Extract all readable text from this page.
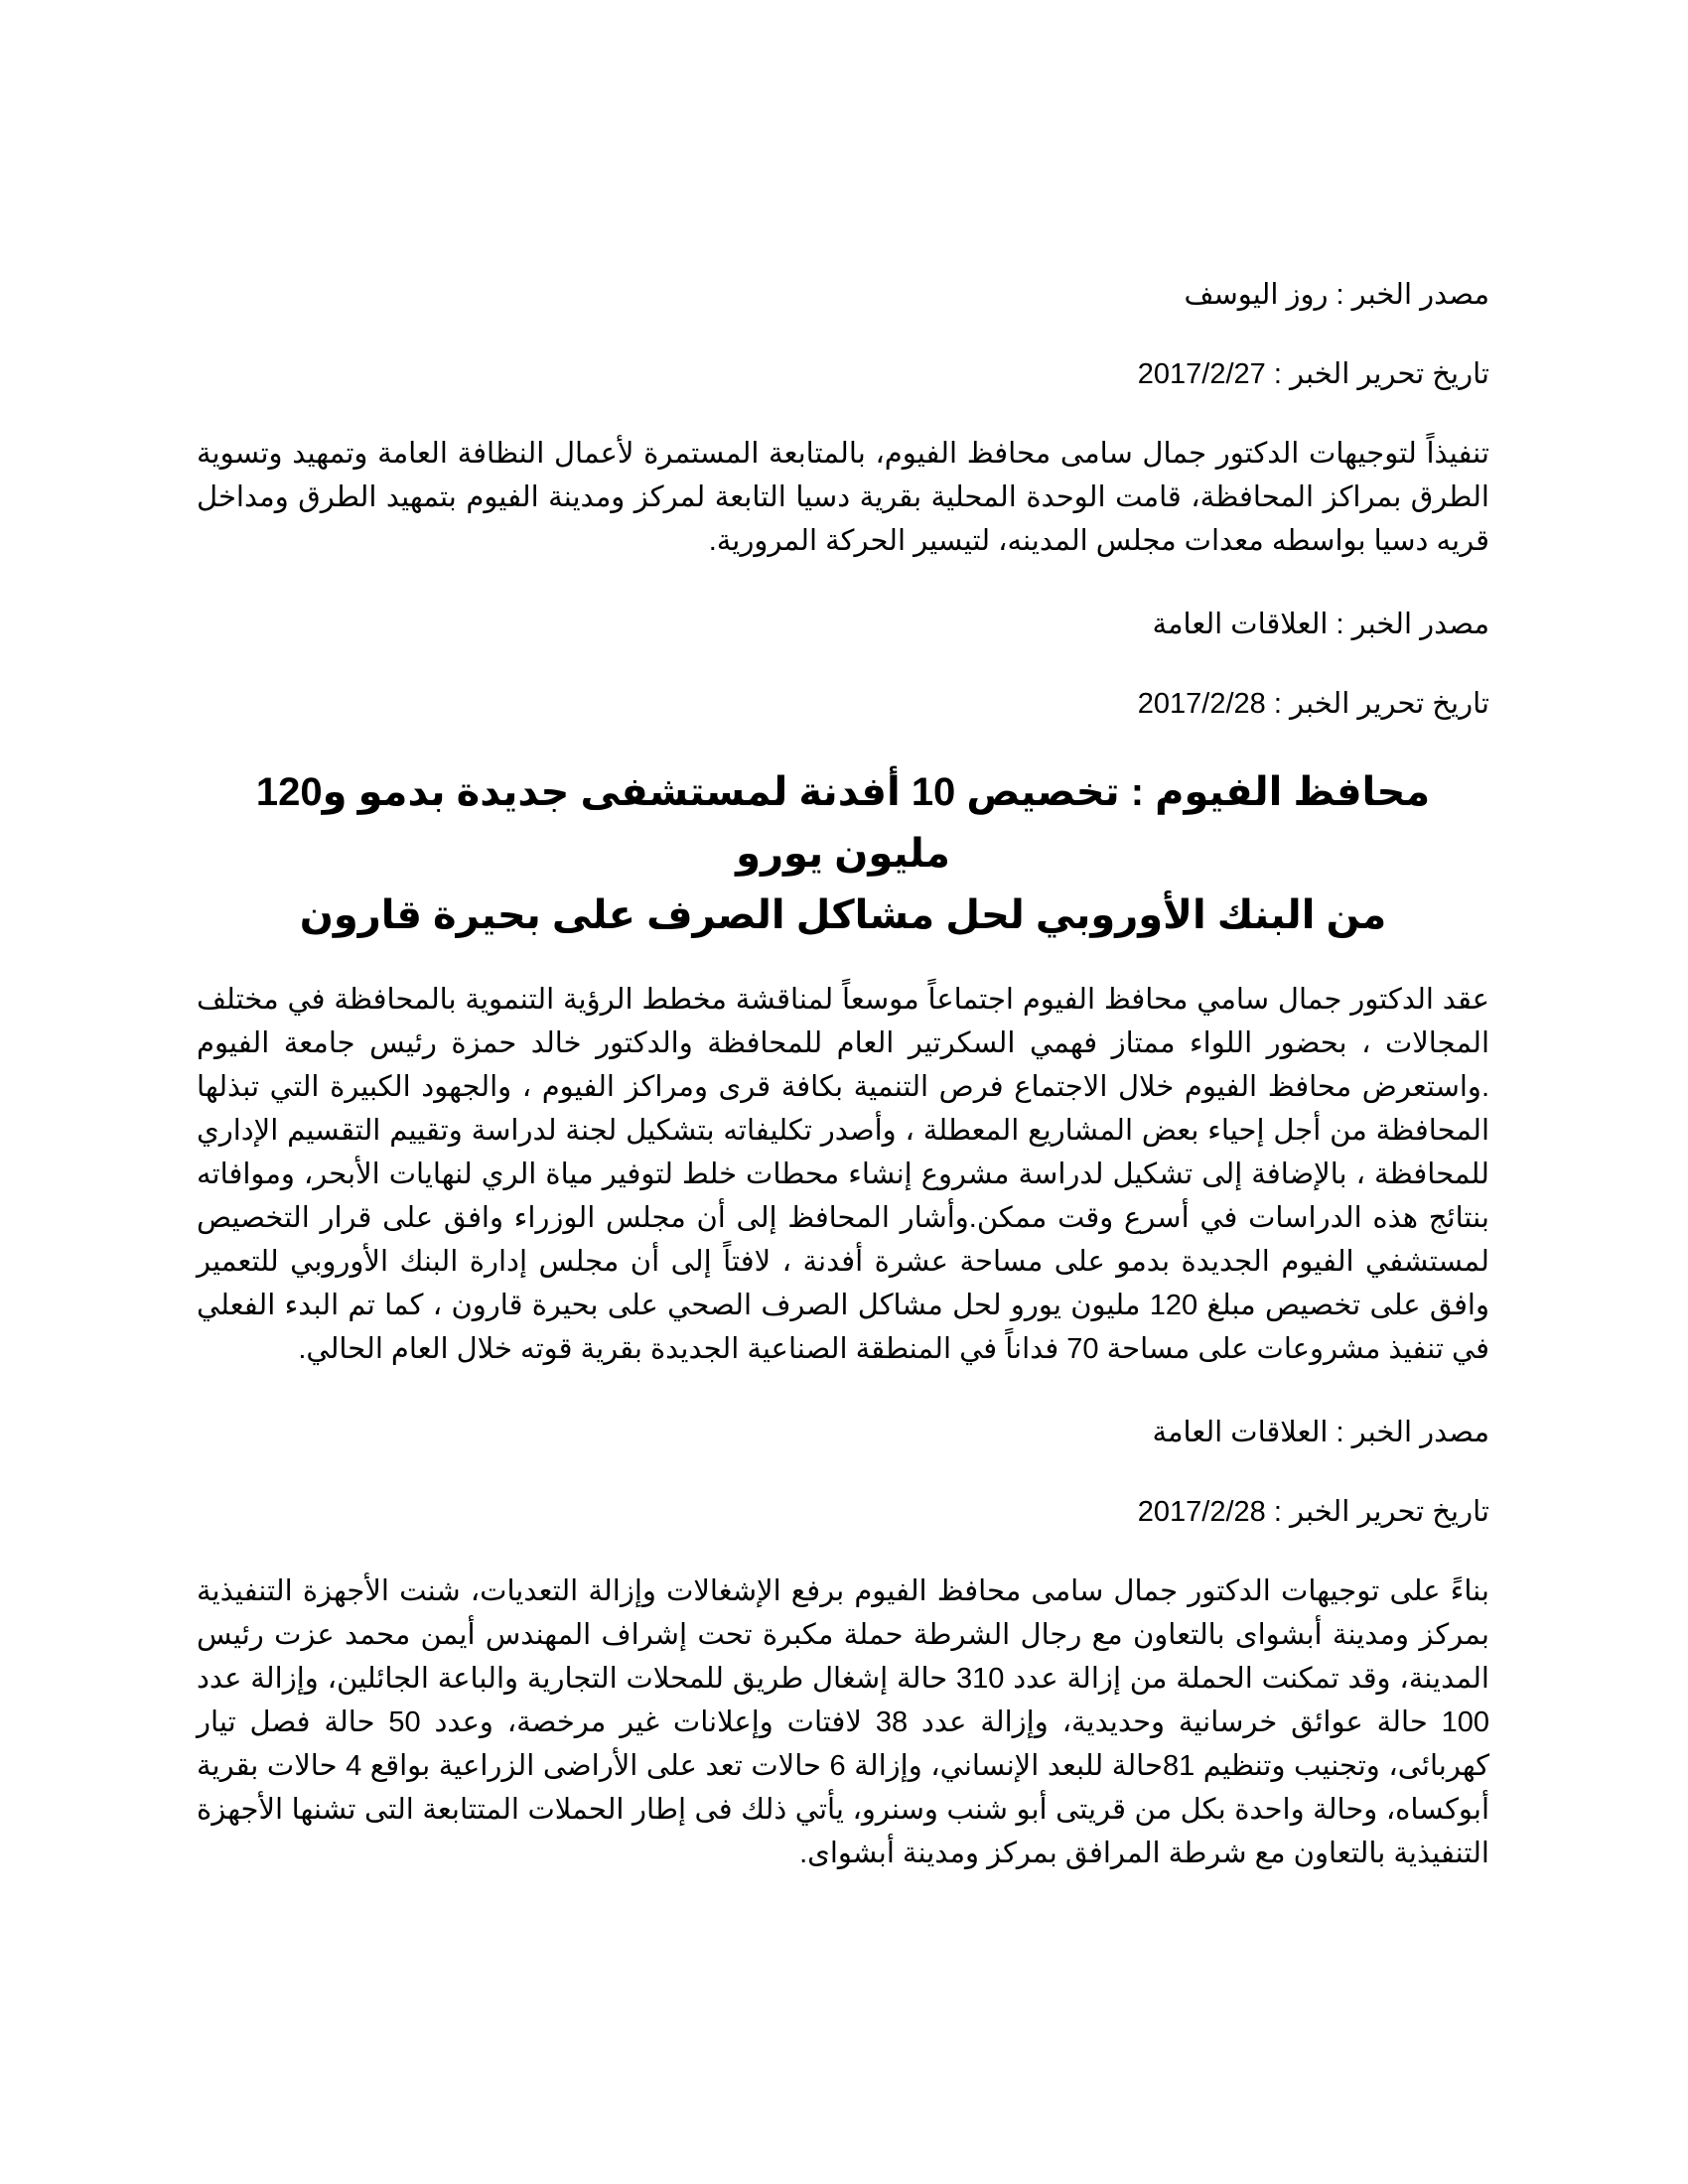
مصدر الخبر : روز اليوسف

تاريخ تحرير الخبر : 2017/2/27

تنفيذاً لتوجيهات الدكتور جمال سامى محافظ الفيوم، بالمتابعة المستمرة لأعمال النظافة العامة وتمهيد وتسوية الطرق بمراكز المحافظة، قامت الوحدة المحلية بقرية دسيا التابعة لمركز ومدينة الفيوم بتمهيد الطرق ومداخل قريه دسيا بواسطه معدات مجلس المدينه، لتيسير الحركة المرورية.

مصدر الخبر : العلاقات العامة

تاريخ تحرير الخبر : 2017/2/28

محافظ الفيوم : تخصيص 10 أفدنة لمستشفى جديدة بدمو و120 مليون يورو
من البنك الأوروبي لحل مشاكل الصرف على بحيرة قارون

عقد الدكتور جمال سامي محافظ الفيوم اجتماعاً موسعاً لمناقشة مخطط الرؤية التنموية بالمحافظة في مختلف المجالات ، بحضور اللواء ممتاز فهمي السكرتير العام للمحافظة والدكتور خالد حمزة رئيس جامعة الفيوم .واستعرض محافظ الفيوم خلال الاجتماع فرص التنمية بكافة قرى ومراكز الفيوم ، والجهود الكبيرة التي تبذلها المحافظة من أجل إحياء بعض المشاريع المعطلة ، وأصدر تكليفاته بتشكيل لجنة لدراسة وتقييم التقسيم الإداري للمحافظة ، بالإضافة إلى تشكيل لدراسة مشروع إنشاء محطات خلط لتوفير مياة الري لنهايات الأبحر، وموافاته بنتائج هذه الدراسات في أسرع وقت ممكن.وأشار المحافظ إلى أن مجلس الوزراء وافق على قرار التخصيص لمستشفي الفيوم الجديدة بدمو على مساحة عشرة أفدنة ، لافتاً إلى أن مجلس إدارة البنك الأوروبي للتعمير وافق على تخصيص مبلغ 120 مليون يورو لحل مشاكل الصرف الصحي على بحيرة قارون ، كما تم البدء الفعلي في تنفيذ مشروعات على مساحة 70 فداناً في المنطقة الصناعية الجديدة بقرية قوته خلال العام الحالي.

مصدر الخبر : العلاقات العامة

تاريخ تحرير الخبر : 2017/2/28

بناءً على توجيهات الدكتور جمال سامى محافظ الفيوم برفع الإشغالات وإزالة التعديات، شنت الأجهزة التنفيذية بمركز ومدينة أبشواى بالتعاون مع رجال الشرطة حملة مكبرة تحت إشراف المهندس أيمن محمد عزت رئيس المدينة، وقد تمكنت الحملة من إزالة عدد 310 حالة إشغال طريق للمحلات التجارية والباعة الجائلين، وإزالة عدد 100 حالة عوائق خرسانية وحديدية، وإزالة عدد 38 لافتات وإعلانات غير مرخصة، وعدد 50 حالة فصل تيار كهربائى، وتجنيب وتنظيم 81حالة للبعد الإنساني، وإزالة 6 حالات تعد على الأراضى الزراعية بواقع 4 حالات بقرية أبوكساه، وحالة واحدة بكل من قريتى أبو شنب وسنرو، يأتي ذلك فى إطار الحملات المتتابعة التى تشنها الأجهزة التنفيذية بالتعاون مع شرطة المرافق بمركز ومدينة أبشواى.
